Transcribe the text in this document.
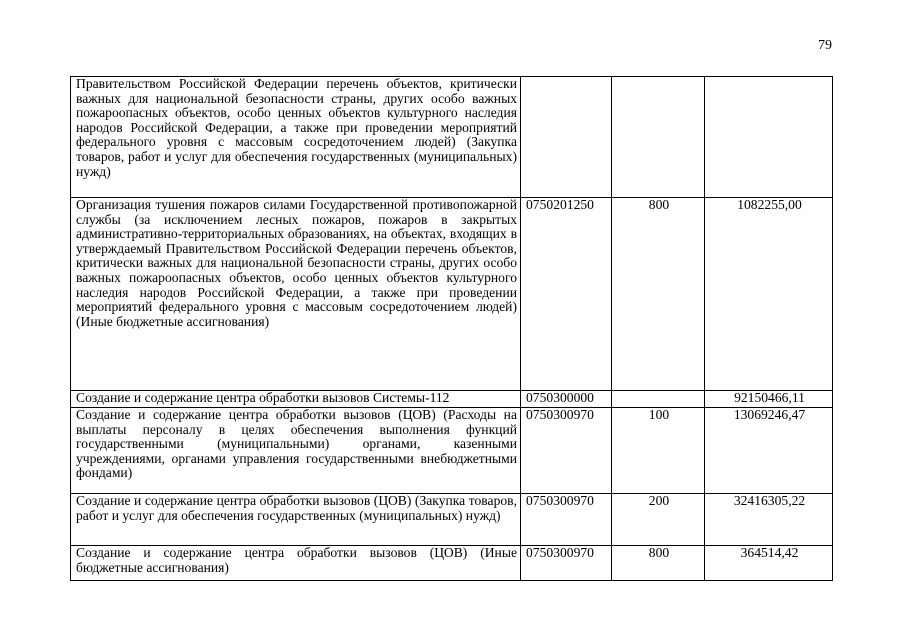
79
Правительством Российской Федерации перечень объектов, критически важных для национальной безопасности страны, других особо важных пожароопасных объектов, особо ценных объектов культурного наследия народов Российской Федерации, а также при проведении мероприятий федерального уровня с массовым сосредоточением людей) (Закупка товаров, работ и услуг для обеспечения государственных (муниципальных) нужд)			
Организация тушения пожаров силами Государственной противопожарной службы (за исключением лесных пожаров, пожаров в закрытых административно-территориальных образованиях, на объектах, входящих в утверждаемый Правительством Российской Федерации перечень объектов, критически важных для национальной безопасности страны, других особо важных пожароопасных объектов, особо ценных объектов культурного наследия народов Российской Федерации, а также при проведении мероприятий федерального уровня с массовым сосредоточением людей) (Иные бюджетные ассигнования)	0750201250	800	1082255,00
Создание и содержание центра обработки вызовов Системы-112	0750300000		92150466,11
Создание и содержание центра обработки вызовов (ЦОВ) (Расходы на выплаты персоналу в целях обеспечения выполнения функций государственными (муниципальными) органами, казенными учреждениями, органами управления государственными внебюджетными фондами)	0750300970	100	13069246,47
Создание и содержание центра обработки вызовов (ЦОВ) (Закупка товаров, работ и услуг для обеспечения государственных (муниципальных) нужд)	0750300970	200	32416305,22
Создание и содержание центра обработки вызовов (ЦОВ) (Иные бюджетные ассигнования)	0750300970	800	364514,42
